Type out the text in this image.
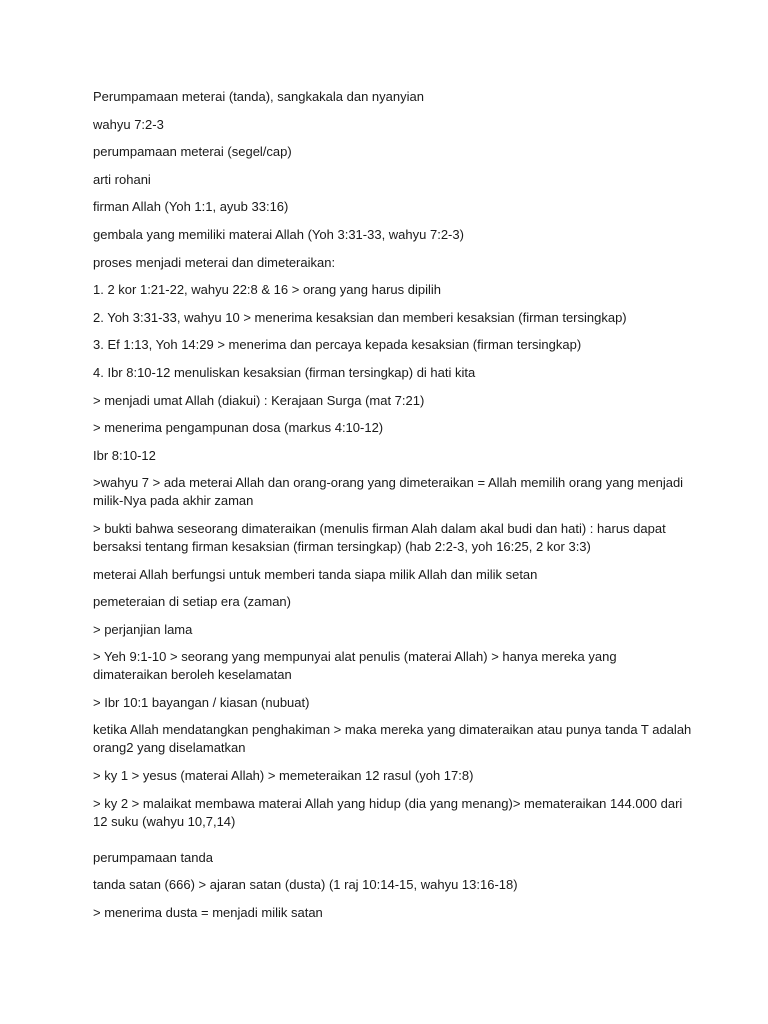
Perumpamaan meterai (tanda), sangkakala dan nyanyian

wahyu 7:2-3

perumpamaan meterai (segel/cap)

arti rohani

firman Allah (Yoh 1:1, ayub 33:16)

gembala yang memiliki materai Allah (Yoh 3:31-33, wahyu 7:2-3)

proses menjadi meterai dan dimeteraikan:

1. 2 kor 1:21-22, wahyu 22:8 & 16 > orang yang harus dipilih

2. Yoh 3:31-33, wahyu 10 > menerima kesaksian dan memberi kesaksian (firman tersingkap)

3. Ef 1:13, Yoh 14:29 > menerima dan percaya kepada kesaksian (firman tersingkap)

4. Ibr 8:10-12 menuliskan kesaksian (firman tersingkap) di hati kita

> menjadi umat Allah (diakui) : Kerajaan Surga (mat 7:21)

> menerima pengampunan dosa (markus 4:10-12)

Ibr 8:10-12

>wahyu 7 > ada meterai Allah dan orang-orang yang dimeteraikan = Allah memilih orang yang menjadi milik-Nya pada akhir zaman

> bukti bahwa seseorang dimateraikan (menulis firman Alah dalam akal budi dan hati) : harus dapat bersaksi tentang firman kesaksian (firman tersingkap) (hab 2:2-3, yoh 16:25, 2 kor 3:3)

meterai Allah berfungsi untuk memberi tanda siapa milik Allah dan milik setan

pemeteraian di setiap era (zaman)

> perjanjian lama

> Yeh 9:1-10 > seorang yang mempunyai alat penulis (materai Allah) > hanya mereka yang dimateraikan beroleh keselamatan

> Ibr 10:1 bayangan / kiasan (nubuat)

ketika Allah mendatangkan penghakiman > maka mereka yang dimateraikan atau punya tanda T adalah orang2 yang diselamatkan

> ky 1 > yesus (materai Allah) > memeteraikan 12 rasul (yoh 17:8)

> ky 2 > malaikat membawa materai Allah yang hidup (dia yang menang)> memateraikan 144.000 dari 12 suku (wahyu 10,7,14)

perumpamaan tanda

tanda satan (666) > ajaran satan (dusta) (1 raj 10:14-15, wahyu 13:16-18)

> menerima dusta = menjadi milik satan
